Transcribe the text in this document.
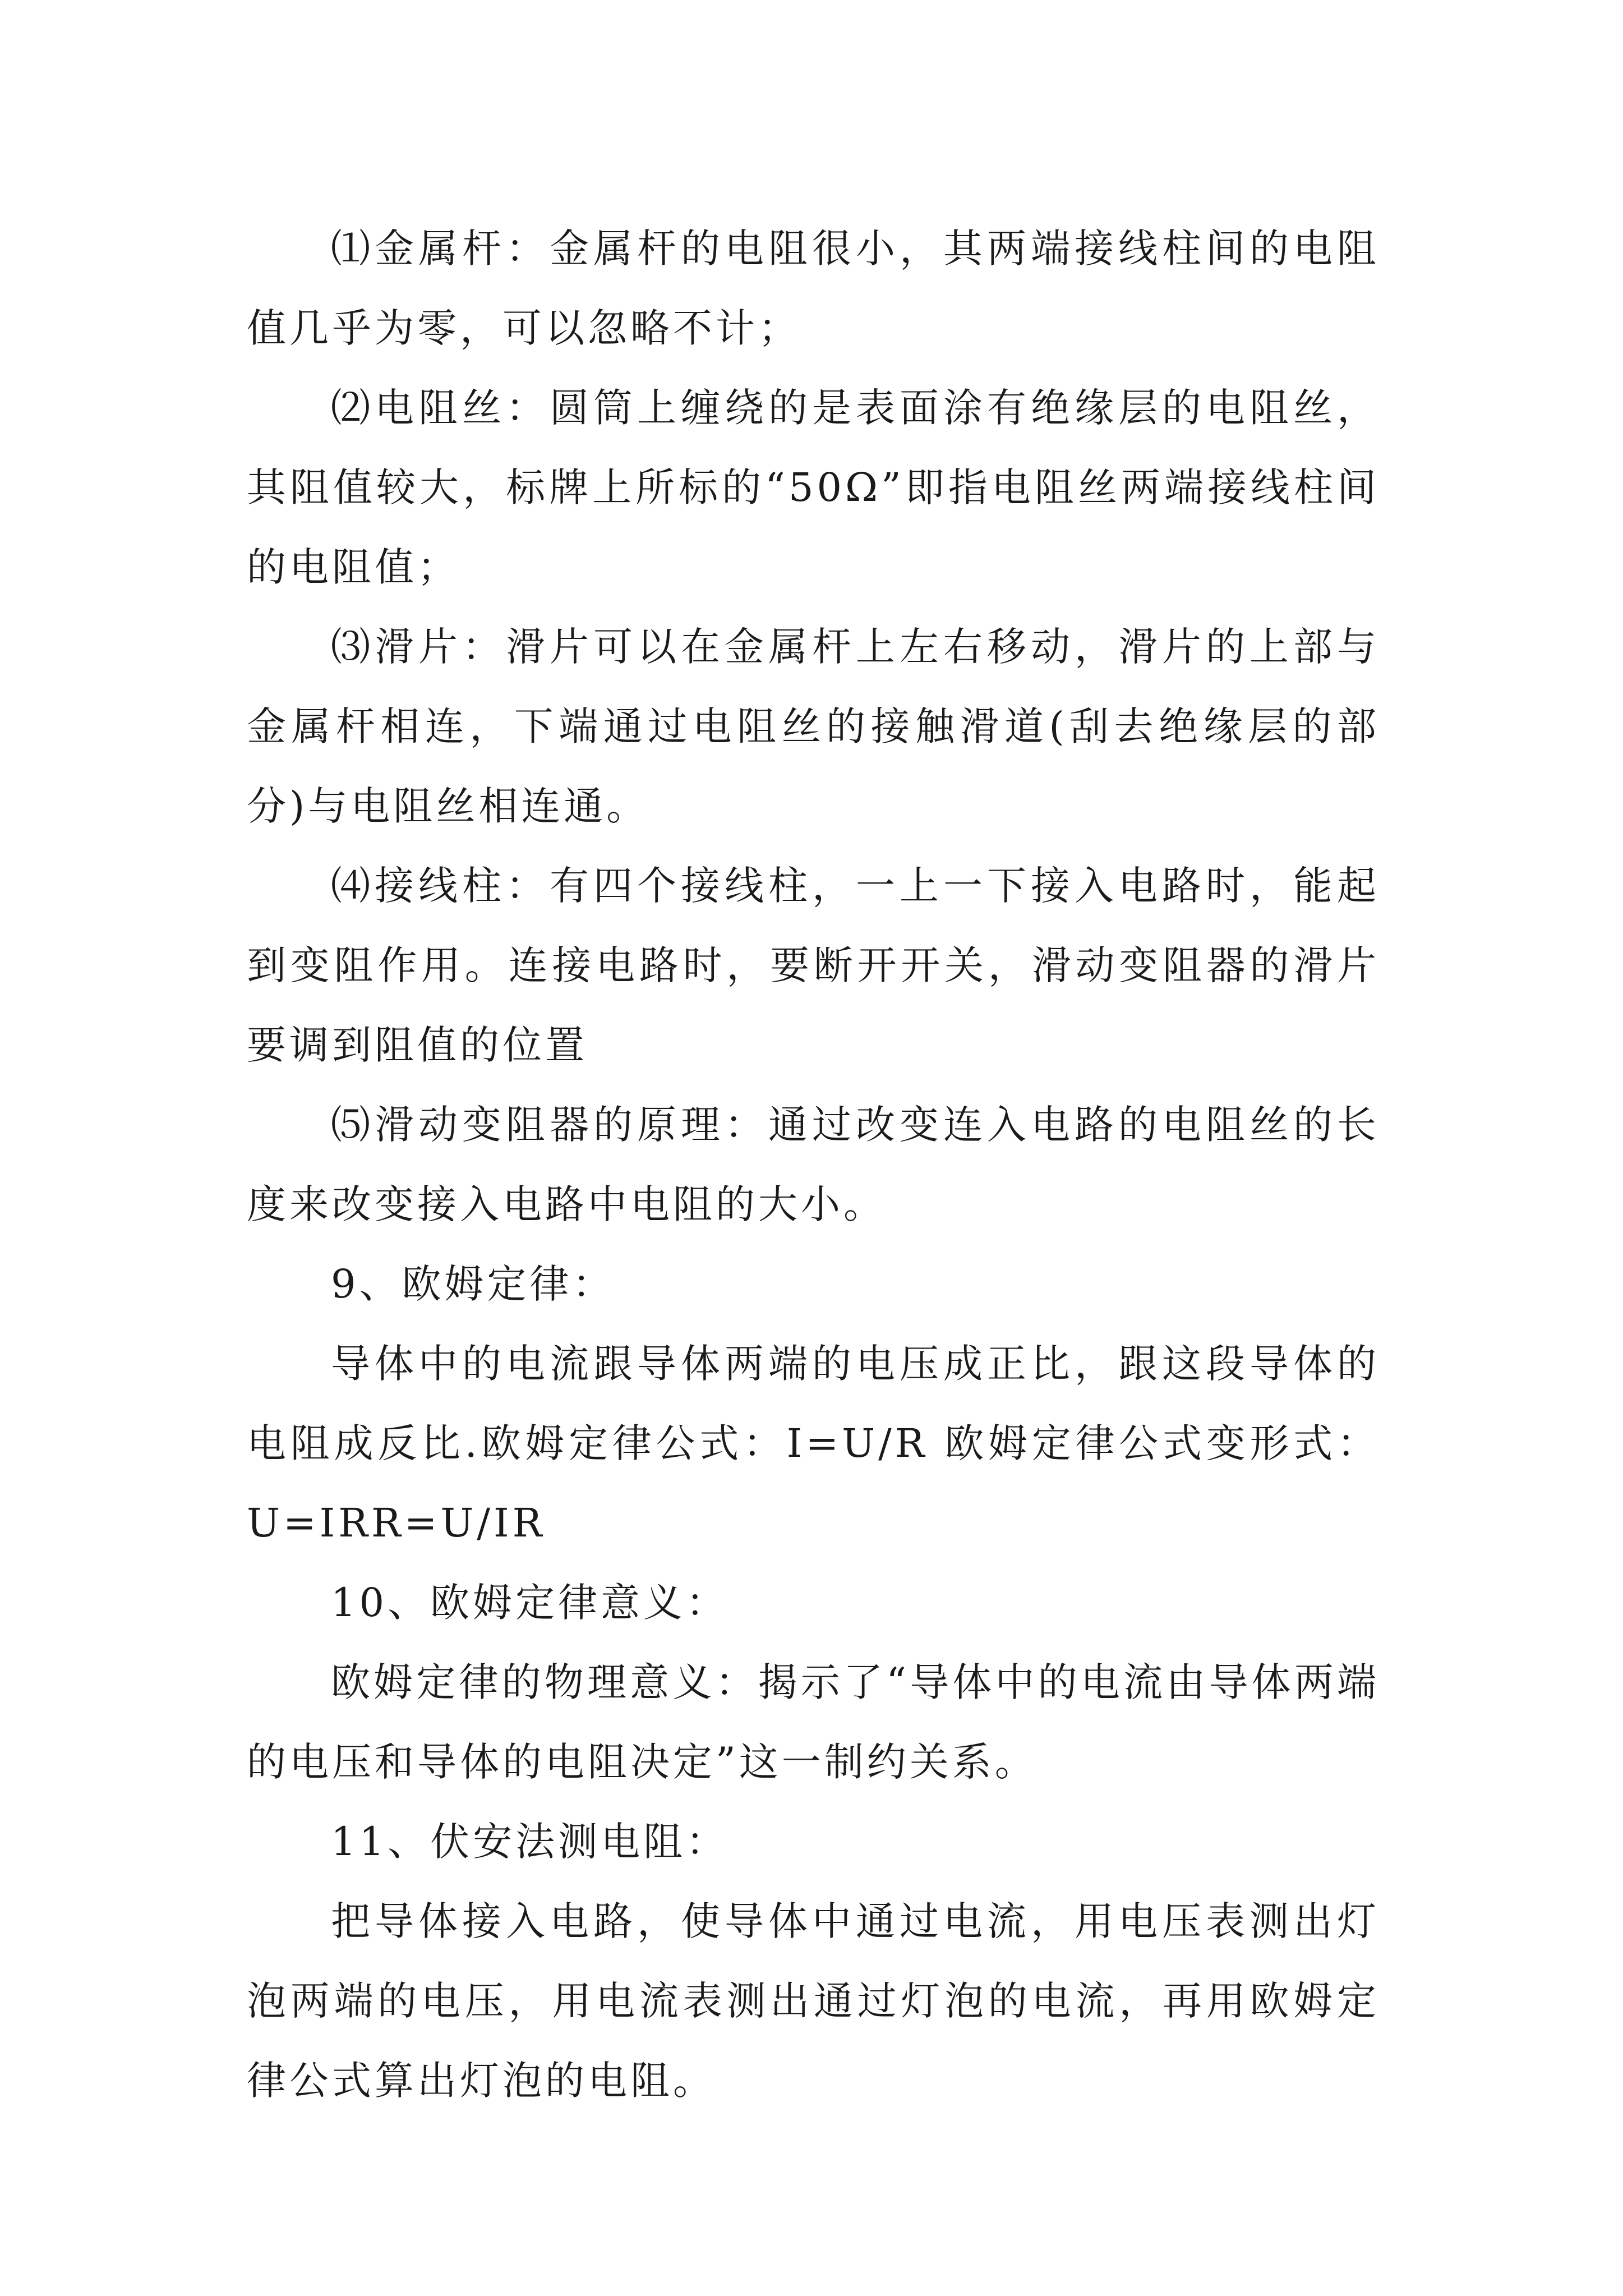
⑴金属杆：金属杆的电阻很小，其两端接线柱间的电阻值几乎为零，可以忽略不计；

⑵电阻丝：圆筒上缠绕的是表面涂有绝缘层的电阻丝，其阻值较大，标牌上所标的“50Ω”即指电阻丝两端接线柱间的电阻值；

⑶滑片：滑片可以在金属杆上左右移动，滑片的上部与金属杆相连，下端通过电阻丝的接触滑道(刮去绝缘层的部分)与电阻丝相连通。

⑷接线柱：有四个接线柱，一上一下接入电路时，能起到变阻作用。连接电路时，要断开开关，滑动变阻器的滑片要调到阻值的位置

⑸滑动变阻器的原理：通过改变连入电路的电阻丝的长度来改变接入电路中电阻的大小。

9、欧姆定律：

导体中的电流跟导体两端的电压成正比，跟这段导体的电阻成反比.欧姆定律公式：I=U/R 欧姆定律公式变形式：U=IRR=U/IR

10、欧姆定律意义：

欧姆定律的物理意义：揭示了“导体中的电流由导体两端的电压和导体的电阻决定”这一制约关系。

11、伏安法测电阻：

把导体接入电路，使导体中通过电流，用电压表测出灯泡两端的电压，用电流表测出通过灯泡的电流，再用欧姆定律公式算出灯泡的电阻。
